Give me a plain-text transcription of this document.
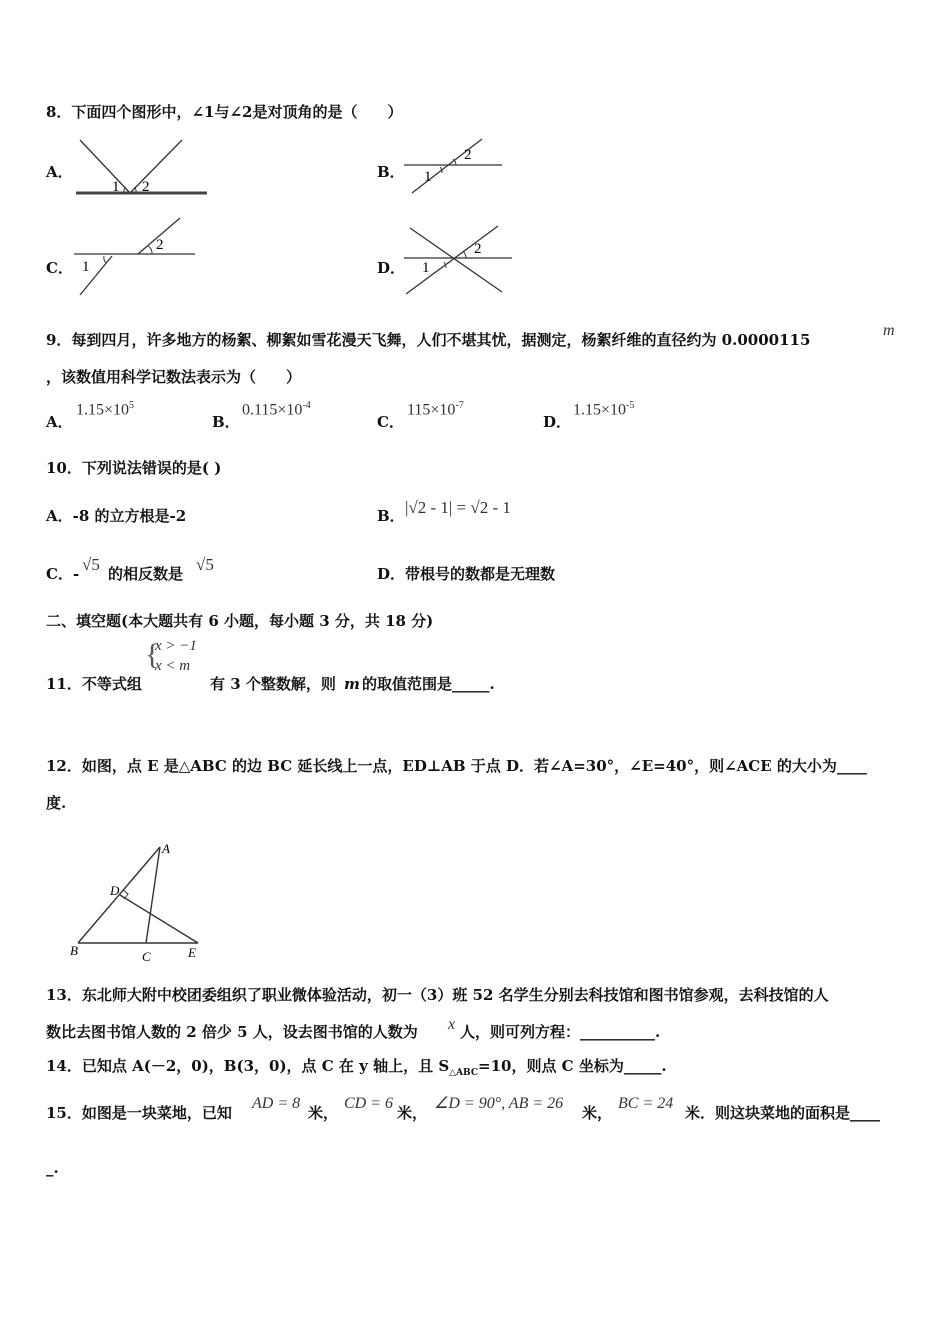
8．下面四个图形中，∠1与∠2是对顶角的是（　　）
A．
1 2
B．
2
1
C． 1
2
D． 1
2
9．每到四月，许多地方的杨絮、柳絮如雪花漫天飞舞，人们不堪其忧，据测定，杨絮纤维的直径约为 0.0000115
m
，该数值用科学记数法表示为（　　）
A．
$1.15\times 10^5$
B．
$0.115\times 10^{-4}$
C．
$115\times 10^{-7}$
D．
$1.15\times 10^{-5}$
10．下列说法错误的是( )
A．-8 的立方根是-2	B． |√2 - 1| = √2 - 1
C．- √5 的相反数是 √5	D．带根号的数都是无理数
二、填空题(本大题共有 6 小题，每小题 3 分，共 18 分)
11．不等式组
{
x > −1
x < m
有 3 个整数解，则 m 的取值范围是_____.
12．如图，点 E 是△ABC 的边 BC 延长线上一点，ED⊥AB 于点 D．若∠A=30°，∠E=40°，则∠ACE 的大小为____
度.
A
D
B	C	E
13．东北师大附中校团委组织了职业微体验活动，初一（3）班 52 名学生分别去科技馆和图书馆参观，去科技馆的人
数比去图书馆人数的 2 倍少 5 人，设去图书馆的人数为 x 人，则可列方程：__________.
14．已知点 A(－2，0)，B(3，0)，点 C 在 y 轴上，且 $S_{\triangle ABC}=10$，则点 C 坐标为_____.
15．如图是一块菜地，已知
AD = 8
米，
CD = 6
米，
∠D = 90°, AB = 26
米，
BC = 24
米．则这块菜地的面积是____
_.
